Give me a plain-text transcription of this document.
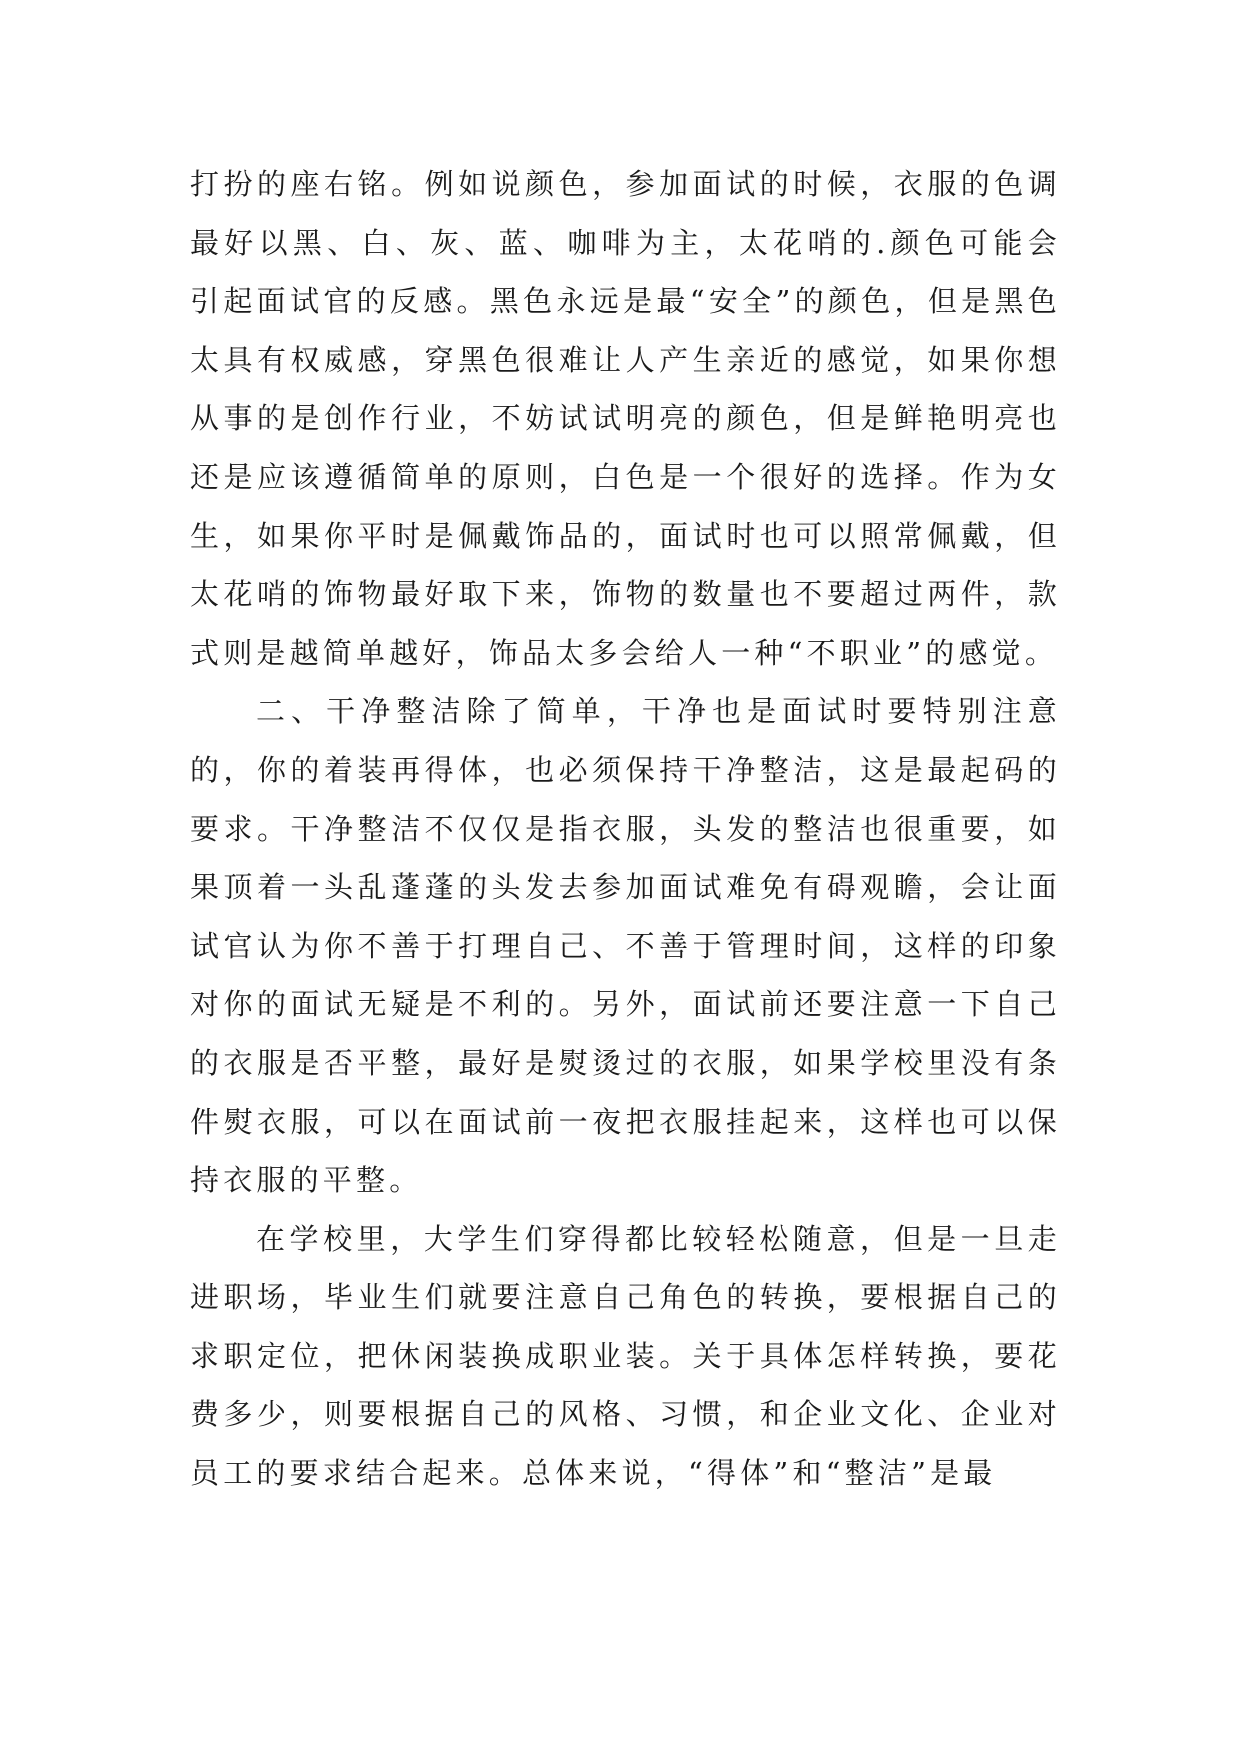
打扮的座右铭。例如说颜色，参加面试的时候，衣服的色调最好以黑、白、灰、蓝、咖啡为主，太花哨的.颜色可能会引起面试官的反感。黑色永远是最“安全”的颜色，但是黑色太具有权威感，穿黑色很难让人产生亲近的感觉，如果你想从事的是创作行业，不妨试试明亮的颜色，但是鲜艳明亮也还是应该遵循简单的原则，白色是一个很好的选择。作为女生，如果你平时是佩戴饰品的，面试时也可以照常佩戴，但太花哨的饰物最好取下来，饰物的数量也不要超过两件，款式则是越简单越好，饰品太多会给人一种“不职业”的感觉。

二、干净整洁除了简单，干净也是面试时要特别注意的，你的着装再得体，也必须保持干净整洁，这是最起码的要求。干净整洁不仅仅是指衣服，头发的整洁也很重要，如果顶着一头乱蓬蓬的头发去参加面试难免有碍观瞻，会让面试官认为你不善于打理自己、不善于管理时间，这样的印象对你的面试无疑是不利的。另外，面试前还要注意一下自己的衣服是否平整，最好是熨烫过的衣服，如果学校里没有条件熨衣服，可以在面试前一夜把衣服挂起来，这样也可以保持衣服的平整。

在学校里，大学生们穿得都比较轻松随意，但是一旦走进职场，毕业生们就要注意自己角色的转换，要根据自己的求职定位，把休闲装换成职业装。关于具体怎样转换，要花费多少，则要根据自己的风格、习惯，和企业文化、企业对员工的要求结合起来。总体来说，“得体”和“整洁”是最
